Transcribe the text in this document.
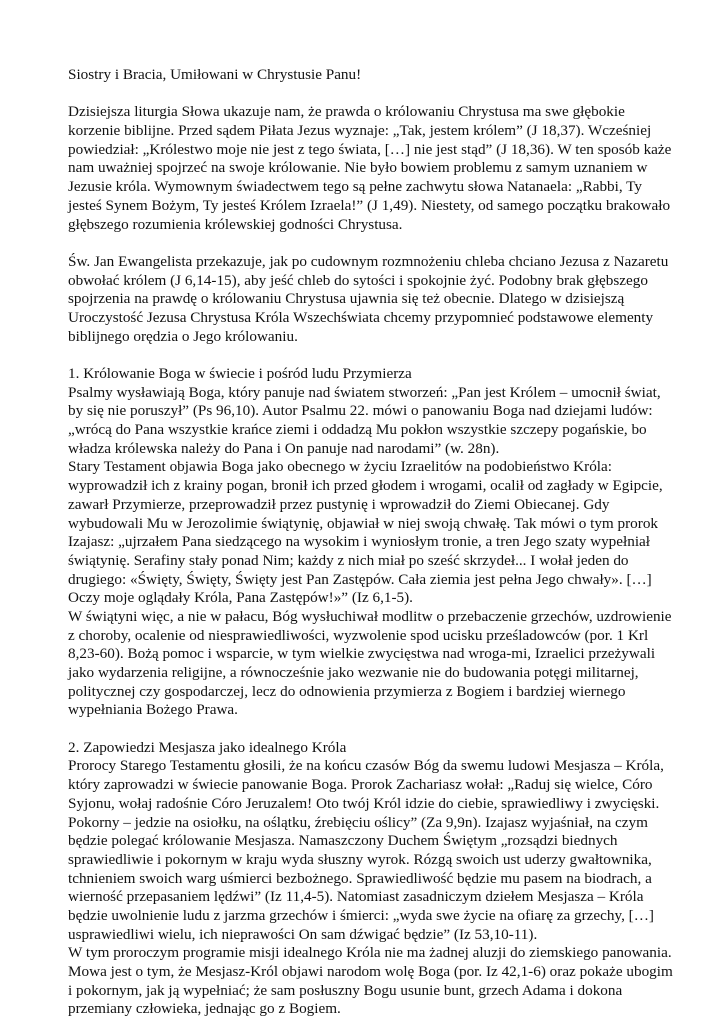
Siostry i Bracia, Umiłowani w Chrystusie Panu!
Dzisiejsza liturgia Słowa ukazuje nam, że prawda o królowaniu Chrystusa ma swe głębokie
korzenie biblijne. Przed sądem Piłata Jezus wyznaje: „Tak, jestem królem” (J 18,37). Wcześniej
powiedział: „Królestwo moje nie jest z tego świata, […] nie jest stąd” (J 18,36). W ten sposób każe
nam uważniej spojrzeć na swoje królowanie. Nie było bowiem problemu z samym uznaniem w
Jezusie króla. Wymownym świadectwem tego są pełne zachwytu słowa Natanaela: „Rabbi, Ty
jesteś Synem Bożym, Ty jesteś Królem Izraela!” (J 1,49). Niestety, od samego początku brakowało
głębszego rozumienia królewskiej godności Chrystusa.
Św. Jan Ewangelista przekazuje, jak po cudownym rozmnożeniu chleba chciano Jezusa z Nazaretu
obwołać królem (J 6,14-15), aby jeść chleb do sytości i spokojnie żyć. Podobny brak głębszego
spojrzenia na prawdę o królowaniu Chrystusa ujawnia się też obecnie. Dlatego w dzisiejszą
Uroczystość Jezusa Chrystusa Króla Wszechświata chcemy przypomnieć podstawowe elementy
biblijnego orędzia o Jego królowaniu.
1. Królowanie Boga w świecie i pośród ludu Przymierza
Psalmy wysławiają Boga, który panuje nad światem stworzeń: „Pan jest Królem – umocnił świat,
by się nie poruszył” (Ps 96,10). Autor Psalmu 22. mówi o panowaniu Boga nad dziejami ludów:
„wrócą do Pana wszystkie krańce ziemi i oddadzą Mu pokłon wszystkie szczepy pogańskie, bo
władza królewska należy do Pana i On panuje nad narodami” (w. 28n).
Stary Testament objawia Boga jako obecnego w życiu Izraelitów na podobieństwo Króla:
wyprowadził ich z krainy pogan, bronił ich przed głodem i wrogami, ocalił od zagłady w Egipcie,
zawarł Przymierze, przeprowadził przez pustynię i wprowadził do Ziemi Obiecanej. Gdy
wybudowali Mu w Jerozolimie świątynię, objawiał w niej swoją chwałę. Tak mówi o tym prorok
Izajasz: „ujrzałem Pana siedzącego na wysokim i wyniosłym tronie, a tren Jego szaty wypełniał
świątynię. Serafiny stały ponad Nim; każdy z nich miał po sześć skrzydeł... I wołał jeden do
drugiego: «Święty, Święty, Święty jest Pan Zastępów. Cała ziemia jest pełna Jego chwały». […]
Oczy moje oglądały Króla, Pana Zastępów!»” (Iz 6,1-5).
W świątyni więc, a nie w pałacu, Bóg wysłuchiwał modlitw o przebaczenie grzechów, uzdrowienie
z choroby, ocalenie od niesprawiedliwości, wyzwolenie spod ucisku prześladowców (por. 1 Krl
8,23-60). Bożą pomoc i wsparcie, w tym wielkie zwycięstwa nad wroga-mi, Izraelici przeżywali
jako wydarzenia religijne, a równocześnie jako wezwanie nie do budowania potęgi militarnej,
politycznej czy gospodarczej, lecz do odnowienia przymierza z Bogiem i bardziej wiernego
wypełniania Bożego Prawa.
2. Zapowiedzi Mesjasza jako idealnego Króla
Prorocy Starego Testamentu głosili, że na końcu czasów Bóg da swemu ludowi Mesjasza – Króla,
który zaprowadzi w świecie panowanie Boga. Prorok Zachariasz wołał: „Raduj się wielce, Córo
Syjonu, wołaj radośnie Córo Jeruzalem! Oto twój Król idzie do ciebie, sprawiedliwy i zwycięski.
Pokorny – jedzie na osiołku, na oślątku, źrebięciu oślicy” (Za 9,9n). Izajasz wyjaśniał, na czym
będzie polegać królowanie Mesjasza. Namaszczony Duchem Świętym „rozsądzi biednych
sprawiedliwie i pokornym w kraju wyda słuszny wyrok. Rózgą swoich ust uderzy gwałtownika,
tchnieniem swoich warg uśmierci bezbożnego. Sprawiedliwość będzie mu pasem na biodrach, a
wierność przepasaniem lędźwi” (Iz 11,4-5). Natomiast zasadniczym dziełem Mesjasza – Króla
będzie uwolnienie ludu z jarzma grzechów i śmierci: „wyda swe życie na ofiarę za grzechy, […]
usprawiedliwi wielu, ich nieprawości On sam dźwigać będzie” (Iz 53,10-11).
W tym proroczym programie misji idealnego Króla nie ma żadnej aluzji do ziemskiego panowania.
Mowa jest o tym, że Mesjasz-Król objawi narodom wolę Boga (por. Iz 42,1-6) oraz pokaże ubogim
i pokornym, jak ją wypełniać; że sam posłuszny Bogu usunie bunt, grzech Adama i dokona
przemiany człowieka, jednając go z Bogiem.
